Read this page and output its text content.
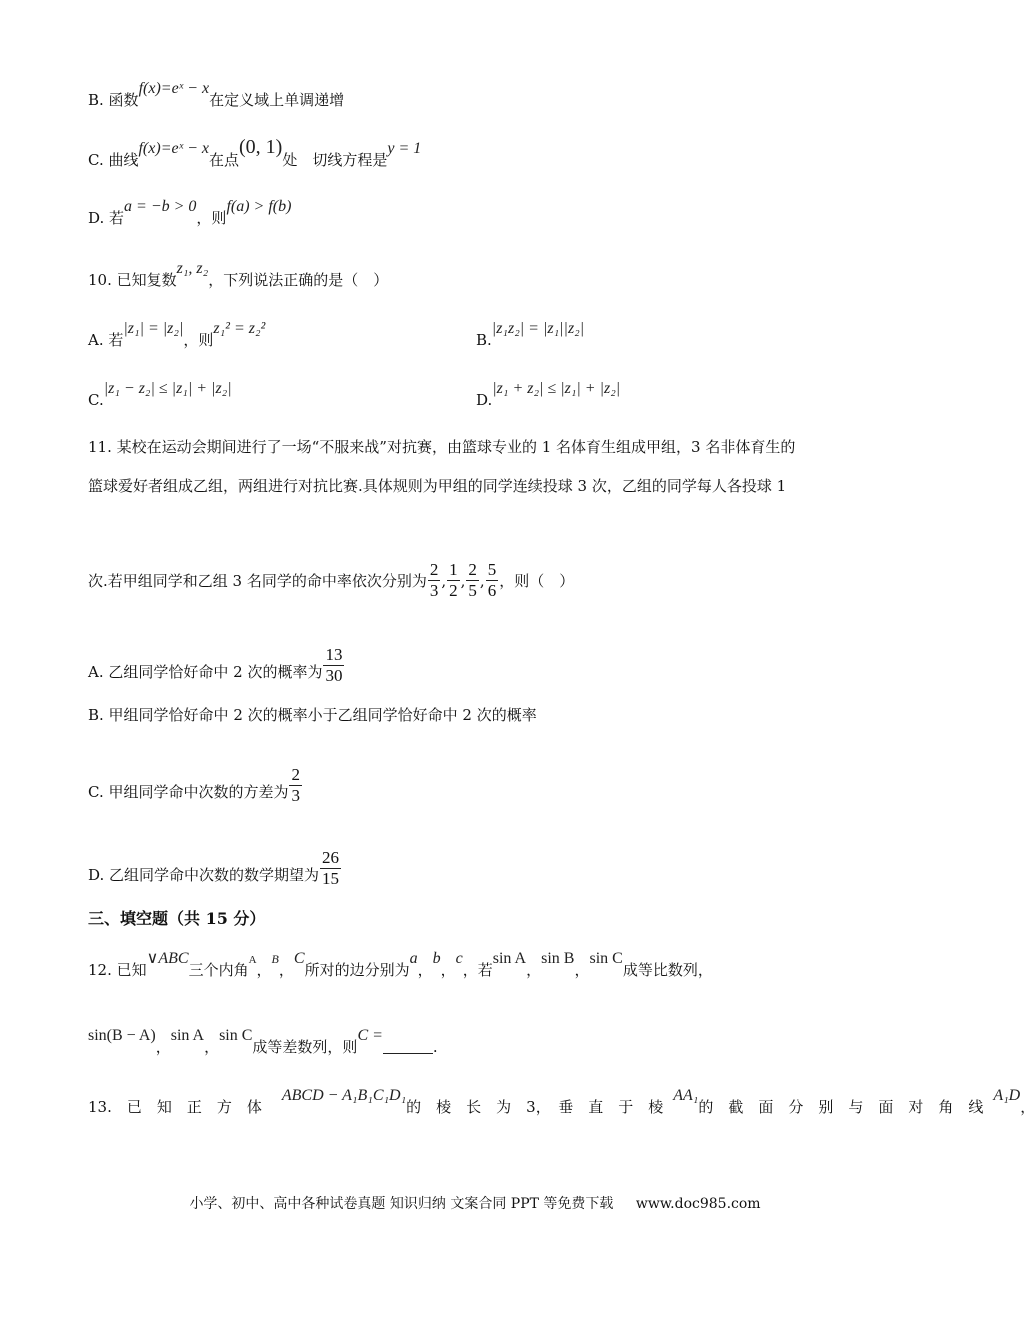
B. 函数f(x)=eˣ − x在定义域上单调递增
C. 曲线f(x)=eˣ − x在点(0, 1)处　切线方程是y = 1
D. 若a = −b > 0，则f(a) > f(b)
10. 已知复数z₁, z₂，下列说法正确的是（　）
A. 若|z₁| = |z₂|，则z₁² = z₂²
B.|z₁z₂| = |z₁||z₂|
C.|z₁ − z₂| ≤ |z₁| + |z₂|
D.|z₁ + z₂| ≤ |z₁| + |z₂|
11. 某校在运动会期间进行了一场“不服来战”对抗赛，由篮球专业的 1 名体育生组成甲组，3 名非体育生的
篮球爱好者组成乙组，两组进行对抗比赛.具体规则为甲组的同学连续投球 3 次，乙组的同学每人各投球 1
次.若甲组同学和乙组 3 名同学的命中率依次分别为 $\frac{2}{3}$ , $\frac{1}{2}$ , $\frac{2}{5}$ , $\frac{5}{6}$ ，则（　）
A. 乙组同学恰好命中 2 次的概率为 $\frac{13}{30}$
B. 甲组同学恰好命中 2 次的概率小于乙组同学恰好命中 2 次的概率
C. 甲组同学命中次数的方差为 $\frac{2}{3}$
D. 乙组同学命中次数的数学期望为 $\frac{26}{15}$
三、填空题（共 15 分）
12. 已知∨ABC三个内角$^A$，$^B$，C所对的边分别为a，b，c，若sin A，sin B，sin C成等比数列，
sin(B − A)，sin A，sin C成等差数列，则C =.
13.　已　知　正　方　体ABCD − A₁B₁C₁D₁的　棱　长　为　3，　垂　直　于　棱AA₁的　截　面　分　别　与　面　对　角　线A₁D，
小学、初中、高中各种试卷真题 知识归纳 文案合同 PPT 等免费下载 www.doc985.com
